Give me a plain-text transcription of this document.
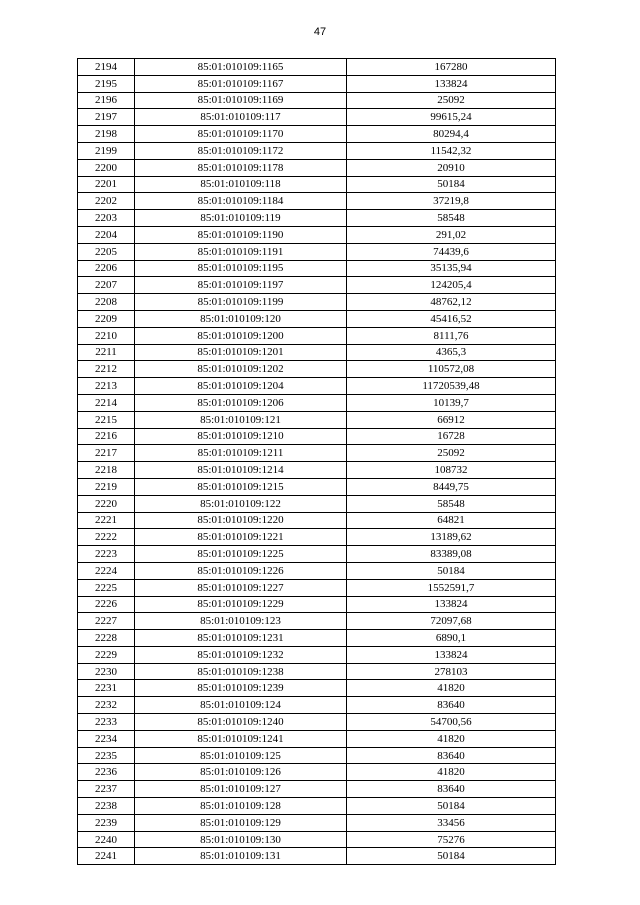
47
2194	85:01:010109:1165	167280
2195	85:01:010109:1167	133824
2196	85:01:010109:1169	25092
2197	85:01:010109:117	99615,24
2198	85:01:010109:1170	80294,4
2199	85:01:010109:1172	11542,32
2200	85:01:010109:1178	20910
2201	85:01:010109:118	50184
2202	85:01:010109:1184	37219,8
2203	85:01:010109:119	58548
2204	85:01:010109:1190	291,02
2205	85:01:010109:1191	74439,6
2206	85:01:010109:1195	35135,94
2207	85:01:010109:1197	124205,4
2208	85:01:010109:1199	48762,12
2209	85:01:010109:120	45416,52
2210	85:01:010109:1200	8111,76
2211	85:01:010109:1201	4365,3
2212	85:01:010109:1202	110572,08
2213	85:01:010109:1204	11720539,48
2214	85:01:010109:1206	10139,7
2215	85:01:010109:121	66912
2216	85:01:010109:1210	16728
2217	85:01:010109:1211	25092
2218	85:01:010109:1214	108732
2219	85:01:010109:1215	8449,75
2220	85:01:010109:122	58548
2221	85:01:010109:1220	64821
2222	85:01:010109:1221	13189,62
2223	85:01:010109:1225	83389,08
2224	85:01:010109:1226	50184
2225	85:01:010109:1227	1552591,7
2226	85:01:010109:1229	133824
2227	85:01:010109:123	72097,68
2228	85:01:010109:1231	6890,1
2229	85:01:010109:1232	133824
2230	85:01:010109:1238	278103
2231	85:01:010109:1239	41820
2232	85:01:010109:124	83640
2233	85:01:010109:1240	54700,56
2234	85:01:010109:1241	41820
2235	85:01:010109:125	83640
2236	85:01:010109:126	41820
2237	85:01:010109:127	83640
2238	85:01:010109:128	50184
2239	85:01:010109:129	33456
2240	85:01:010109:130	75276
2241	85:01:010109:131	50184
